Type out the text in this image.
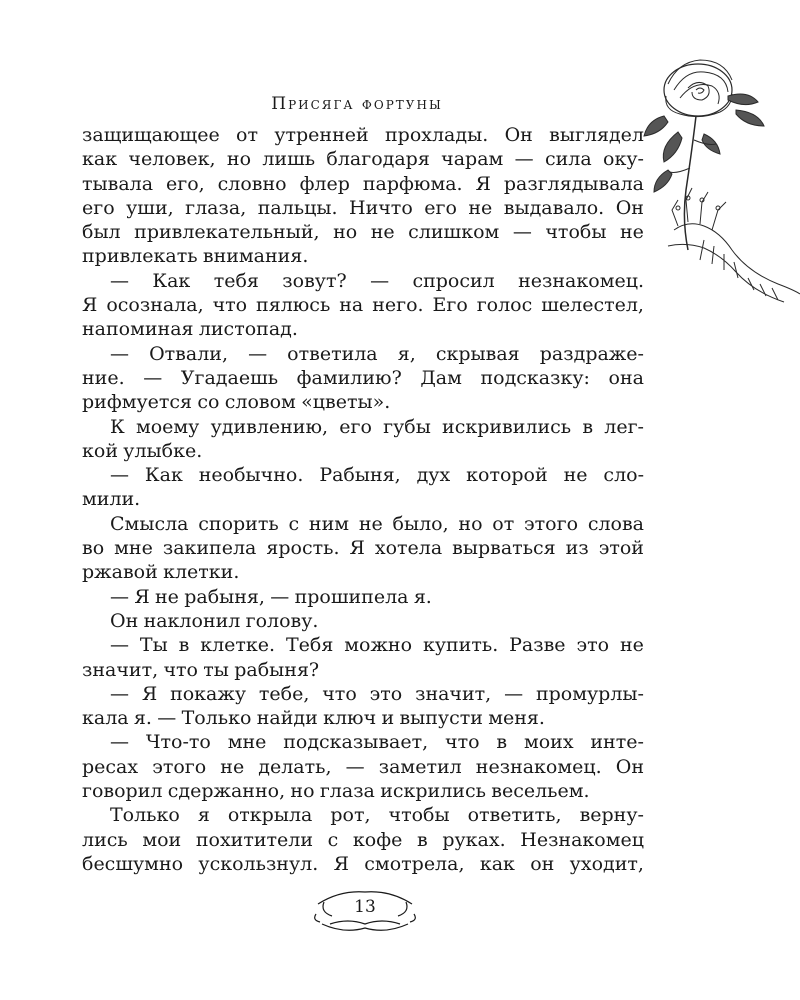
Присяга фортуны
защищающее от утренней прохлады. Он выглядел
как человек, но лишь благодаря чарам — сила оку-
тывала его, словно флер парфюма. Я разглядывала
его уши, глаза, пальцы. Ничто его не выдавало. Он
был привлекательный, но не слишком — чтобы не
привлекать внимания.
— Как тебя зовут? — спросил незнакомец.
Я осознала, что пялюсь на него. Его голос шелестел,
напоминая листопад.
— Отвали, — ответила я, скрывая раздраже-
ние. — Угадаешь фамилию? Дам подсказку: она
рифмуется со словом «цветы».
К моему удивлению, его губы искривились в лег-
кой улыбке.
— Как необычно. Рабыня, дух которой не сло-
мили.
Смысла спорить с ним не было, но от этого слова
во мне закипела ярость. Я хотела вырваться из этой
ржавой клетки.
— Я не рабыня, — прошипела я.
Он наклонил голову.
— Ты в клетке. Тебя можно купить. Разве это не
значит, что ты рабыня?
— Я покажу тебе, что это значит, — промурлы-
кала я. — Только найди ключ и выпусти меня.
— Что-то мне подсказывает, что в моих инте-
ресах этого не делать, — заметил незнакомец. Он
говорил сдержанно, но глаза искрились весельем.
Только я открыла рот, чтобы ответить, верну-
лись мои похитители с кофе в руках. Незнакомец
бесшумно ускользнул. Я смотрела, как он уходит,
13
